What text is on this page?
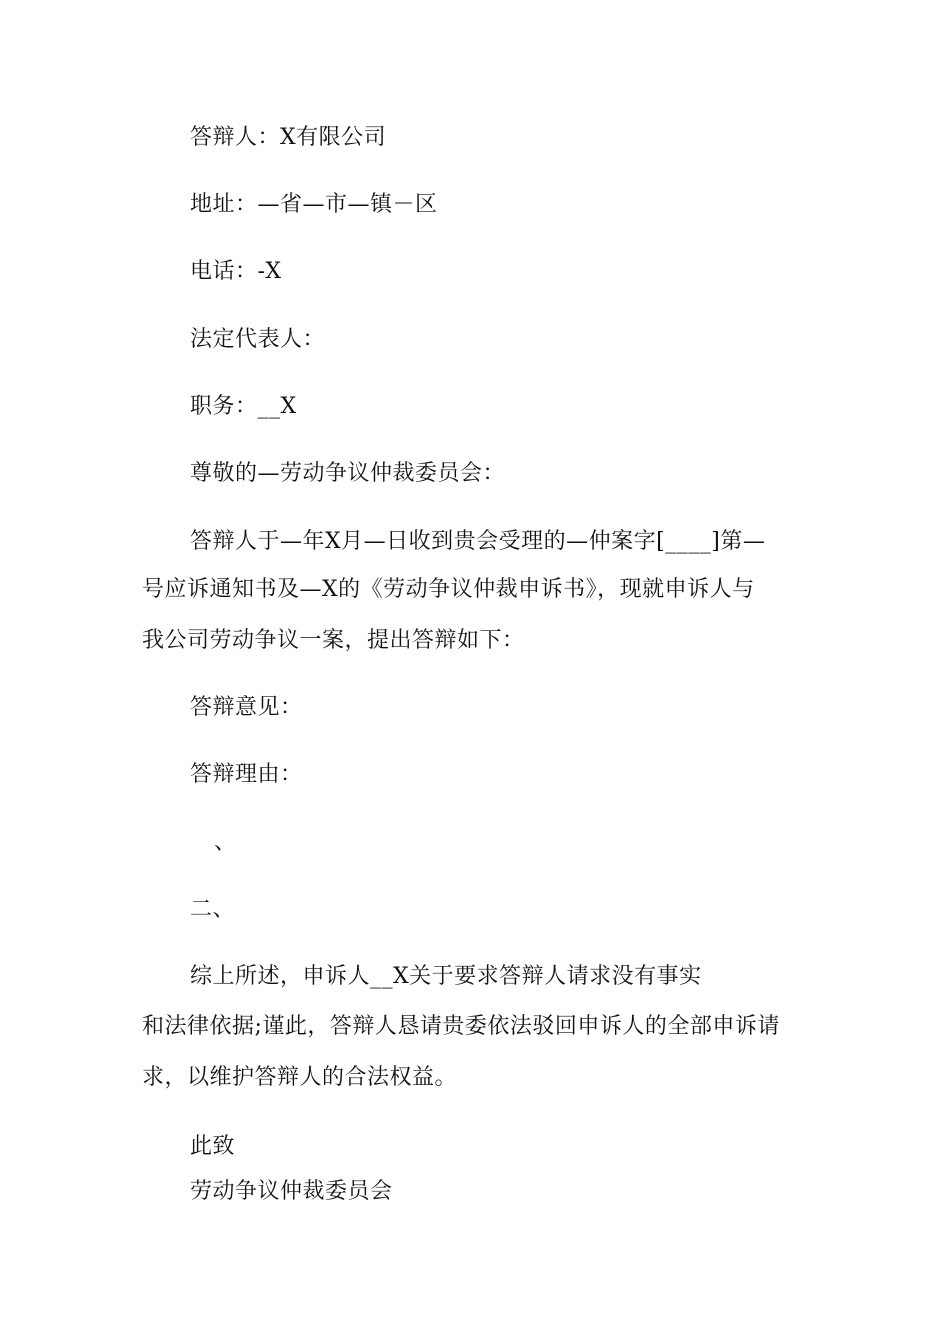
答辩人：X有限公司
地址：—省—市—镇－区
电话：-X
法定代表人：
职务：__X
尊敬的—劳动争议仲裁委员会：
答辩人于—年X月—日收到贵会受理的—仲案字[____]第—
号应诉通知书及—X的《劳动争议仲裁申诉书》，现就申诉人与
我公司劳动争议一案，提出答辩如下：
答辩意见：
答辩理由：
、
二、
综上所述，申诉人__X关于要求答辩人请求没有事实
和法律依据;谨此，答辩人恳请贵委依法驳回申诉人的全部申诉请
求，以维护答辩人的合法权益。
此致
劳动争议仲裁委员会
